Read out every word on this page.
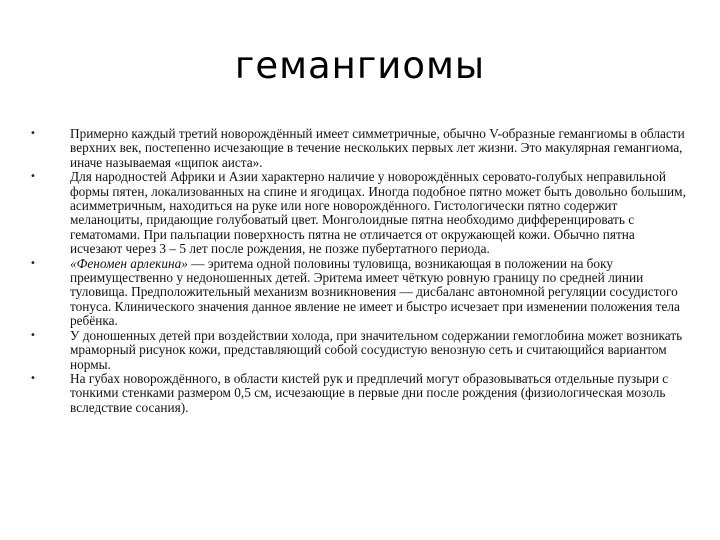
гемангиомы
•	Примерно каждый третий новорождённый имеет симметричные, обычно V-образные гемангиомы в области верхних век, постепенно исчезающие в течение нескольких первых лет жизни. Это макулярная гемангиома, иначе называемая «щипок аиста».
•	Для народностей Африки и Азии характерно наличие у новорождённых серовато-голубых неправильной формы пятен, локализованных на спине и ягодицах. Иногда подобное пятно может быть довольно большим, асимметричным, находиться на руке или ноге новорождённого. Гистологически пятно содержит меланоциты, придающие голубоватый цвет. Монголоидные пятна необходимо дифференцировать с гематомами. При пальпации поверхность пятна не отличается от окружающей кожи. Обычно пятна исчезают через 3 – 5 лет после рождения, не позже пубертатного периода.
•	«Феномен арлекина» — эритема одной половины туловища, возникающая в положении на боку преимущественно у недоношенных детей. Эритема имеет чёткую ровную границу по средней линии туловища. Предположительный механизм возникновения — дисбаланс автономной регуляции сосудистого тонуса. Клинического значения данное явление не имеет и быстро исчезает при изменении положения тела ребёнка.
•	У доношенных детей при воздействии холода, при значительном содержании гемоглобина может возникать мраморный рисунок кожи, представляющий собой сосудистую венозную сеть и считающийся вариантом нормы.
•	На губах новорождённого, в области кистей рук и предплечий могут образовываться отдельные пузыри с тонкими стенками размером 0,5 см, исчезающие в первые дни после рождения (физиологическая мозоль вследствие сосания).
